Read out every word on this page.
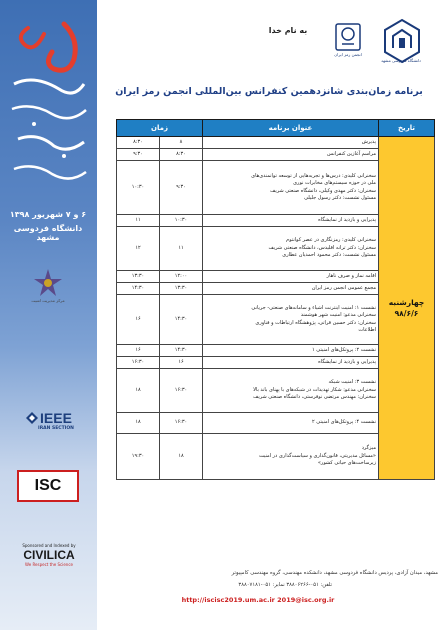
۶ و ۷ شهریور ۱۳۹۸
دانشگاه فردوسی مشهد
مرکز مدیریت امنیت
IEEE
IRAN SECTION
ISC
Sponsored and Indexed by
CIVILICA
We Respect the Science
دانشگاه فردوسی مشهد
انجمن رمز ایران
به نام خدا
برنامه زمان‌بندی شانزدهمین کنفرانس بین‌المللی انجمن رمز ایران
تاریخ	عنوان برنامه	زمان	

چهارشنبه
۹۸/۶/۶	پذیرش	۸	۸:۳۰

	مراسم آغازین کنفرانس	۸:۳۰	۹:۳۰

	سخنرانی کلیدی: درس‌ها و تجربه‌هایی از توسعه توانمندی‌های
ملی در حوزه سیستم‌های مخابرات نوری
سخنران: دکتر مهدی وکیلی، دانشگاه صنعتی شریف
مسئول نشست: دکتر رسول جلیلی	۹:۳۰	۱۰:۳۰

	پذیرایی و بازدید از نمایشگاه	۱۰:۳۰	۱۱

	سخنرانی کلیدی: رمزنگاری در عصر کوانتوم
سخنران: دکتر ترانه اقلیدس، دانشگاه صنعتی شریف
مسئول نشست: دکتر محمود احمدیان عطاری	۱۱	۱۲

	اقامه نماز و صرف ناهار	۱۲:۰۰	۱۳:۳۰

	مجمع عمومی انجمن رمز ایران	۱۳:۳۰	۱۴:۳۰

	نشست ۱: امنیت اینترنت اشیاء و سامانه‌های صنعتی- جریانی
سخنرانی مدعو: امنیت شهر هوشمند
سخنران: دکتر حسین قراتی، پژوهشگاه ارتباطات و فناوری
اطلاعات	۱۴:۳۰	۱۶

	نشست ۲: پروتکل‌های امنیتی ۱	۱۴:۳۰	۱۶

	پذیرایی و بازدید از نمایشگاه	۱۶	۱۶:۳۰

	نشست ۳: امنیت شبکه
سخنرانی مدعو: شکار تهدیدات در شبکه‌های با پهنای باند بالا
سخنران: مهندس مرتضی نوفرستی، دانشگاه صنعتی شریف	۱۶:۳۰	۱۸

	نشست ۴: پروتکل‌های امنیتی ۲	۱۶:۳۰	۱۸

	میزگرد
«مسائل مدیریتی، قانون‌گذاری و سیاست‌گذاری در امنیت
زیرساخت‌های حیاتی کشور»	۱۸	۱۹:۳۰
مشهد، میدان آزادی، پردیس دانشگاه فردوسی مشهد، دانشکده مهندسی، گروه مهندسی کامپیوتر
تلفن: ۰۵۱-۳۸۸۰۶۲۶۶ نمابر: ۰۵۱-۳۸۸۰۷۱۸۱
http://iscisc2019.um.ac.ir 2019@isc.org.ir
